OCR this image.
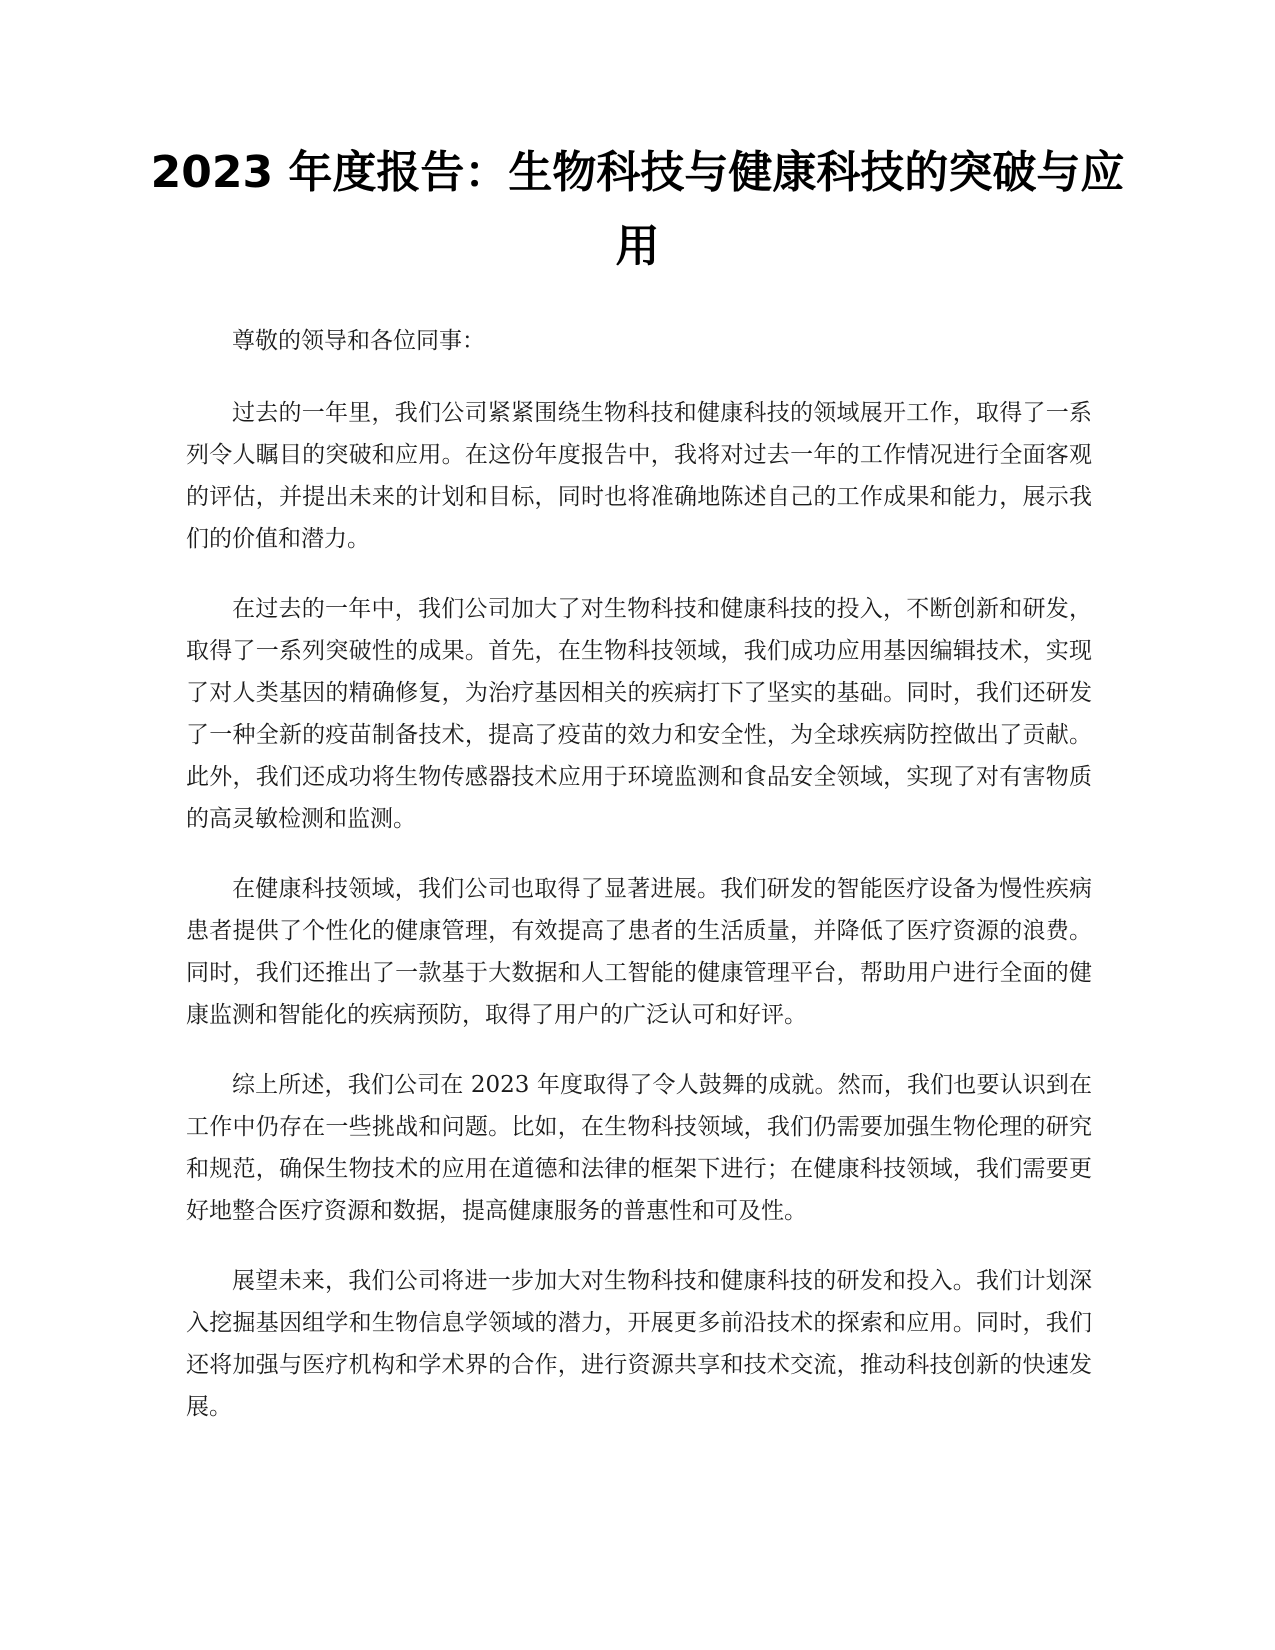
2023 年度报告：生物科技与健康科技的突破与应用

尊敬的领导和各位同事：

过去的一年里，我们公司紧紧围绕生物科技和健康科技的领域展开工作，取得了一系列令人瞩目的突破和应用。在这份年度报告中，我将对过去一年的工作情况进行全面客观的评估，并提出未来的计划和目标，同时也将准确地陈述自己的工作成果和能力，展示我们的价值和潜力。

在过去的一年中，我们公司加大了对生物科技和健康科技的投入，不断创新和研发，取得了一系列突破性的成果。首先，在生物科技领域，我们成功应用基因编辑技术，实现了对人类基因的精确修复，为治疗基因相关的疾病打下了坚实的基础。同时，我们还研发了一种全新的疫苗制备技术，提高了疫苗的效力和安全性，为全球疾病防控做出了贡献。此外，我们还成功将生物传感器技术应用于环境监测和食品安全领域，实现了对有害物质的高灵敏检测和监测。

在健康科技领域，我们公司也取得了显著进展。我们研发的智能医疗设备为慢性疾病患者提供了个性化的健康管理，有效提高了患者的生活质量，并降低了医疗资源的浪费。同时，我们还推出了一款基于大数据和人工智能的健康管理平台，帮助用户进行全面的健康监测和智能化的疾病预防，取得了用户的广泛认可和好评。

综上所述，我们公司在 2023 年度取得了令人鼓舞的成就。然而，我们也要认识到在工作中仍存在一些挑战和问题。比如，在生物科技领域，我们仍需要加强生物伦理的研究和规范，确保生物技术的应用在道德和法律的框架下进行；在健康科技领域，我们需要更好地整合医疗资源和数据，提高健康服务的普惠性和可及性。

展望未来，我们公司将进一步加大对生物科技和健康科技的研发和投入。我们计划深入挖掘基因组学和生物信息学领域的潜力，开展更多前沿技术的探索和应用。同时，我们还将加强与医疗机构和学术界的合作，进行资源共享和技术交流，推动科技创新的快速发展。
